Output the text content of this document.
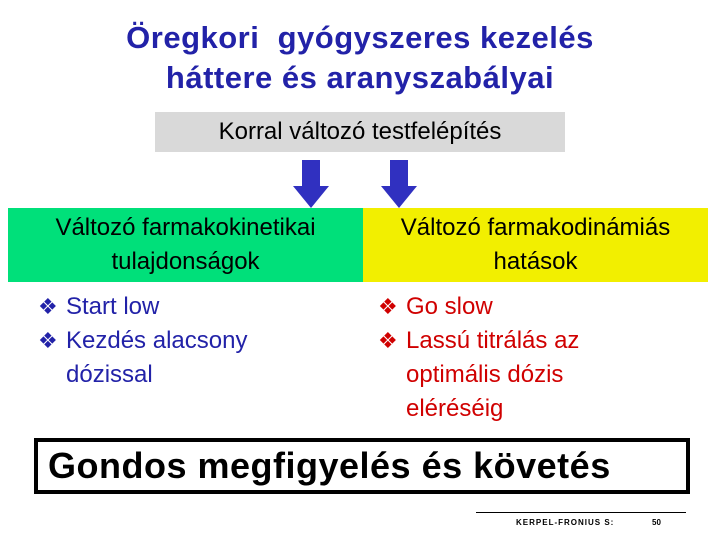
Öregkori  gyógyszeres kezelés
háttere és aranyszabályai
Korral változó testfelépítés
Változó farmakokinetikai
tulajdonságok
Változó farmakodinámiás
hatások
❖ Start low
❖ Kezdés alacsony
dózissal
❖ Go slow
❖ Lassú titrálás az
optimális dózis
eléréséig
Gondos megfigyelés és követés
KERPEL-FRONIUS S:	50
